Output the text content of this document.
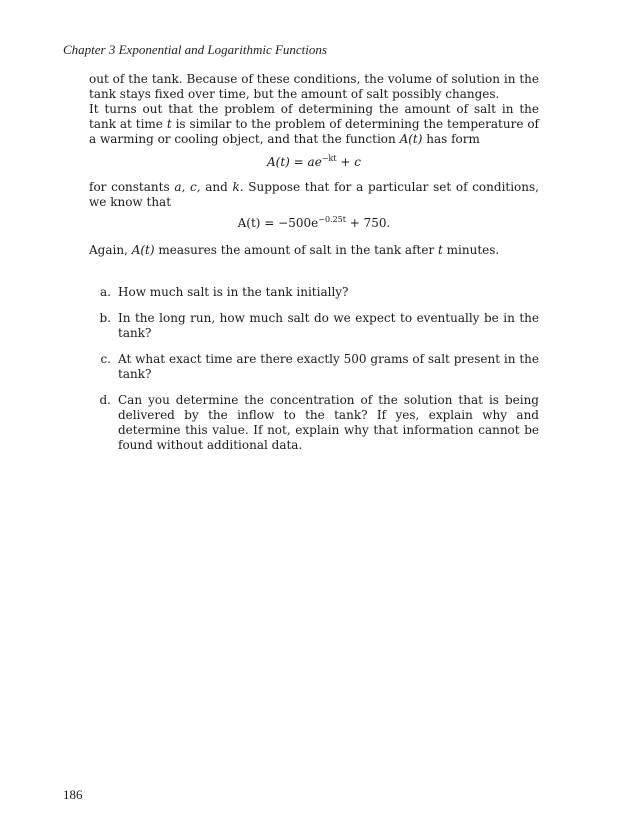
Chapter 3 Exponential and Logarithmic Functions

out of the tank. Because of these conditions, the volume of solution in the tank stays fixed over time, but the amount of salt possibly changes.

It turns out that the problem of determining the amount of salt in the tank at time t is similar to the problem of determining the temperature of a warming or cooling object, and that the function A(t) has form

$A(t) = ae^{-kt} + c$

for constants a, c, and k. Suppose that for a particular set of conditions, we know that

$A(t) = -500e^{-0.25t} + 750$.

Again, A(t) measures the amount of salt in the tank after t minutes.

a. How much salt is in the tank initially?
b. In the long run, how much salt do we expect to eventually be in the tank?
c. At what exact time are there exactly 500 grams of salt present in the tank?
d. Can you determine the concentration of the solution that is being delivered by the inflow to the tank? If yes, explain why and determine this value. If not, explain why that information cannot be found without additional data.
186
